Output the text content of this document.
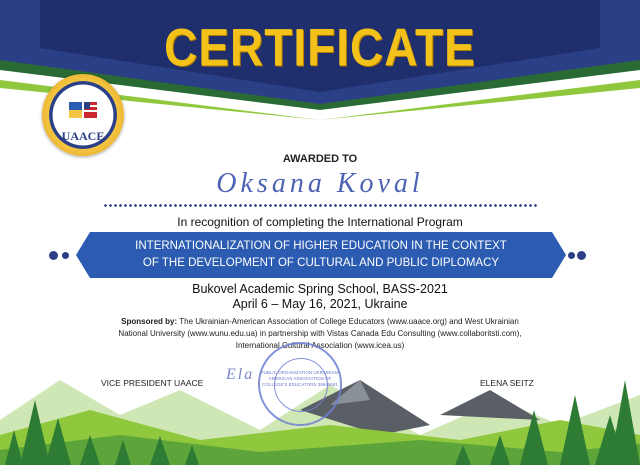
CERTIFICATE
UAACE
AWARDED TO
Oksana Koval
In recognition of completing the International Program
INTERNATIONALIZATION OF HIGHER EDUCATION IN THE CONTEXT
OF THE DEVELOPMENT OF CULTURAL AND PUBLIC DIPLOMACY
Bukovel Academic Spring School, BASS-2021
April 6 – May 16, 2021, Ukraine
Sponsored by: The Ukrainian-American Association of College Educators (www.uaace.org) and West Ukrainian
National University (www.wunu.edu.ua) in partnership with Vistas Canada Edu Consulting (www.collaboritsti.com),
International Cultural Association (www.icea.us)
VICE PRESIDENT UAACE Ela	ELENA SEITZ
PUBLIC ORGANIZATION UKRAINIAN-AMERICAN ASSOCIATION OF COLLEGE'S EDUCATORS 39645691
